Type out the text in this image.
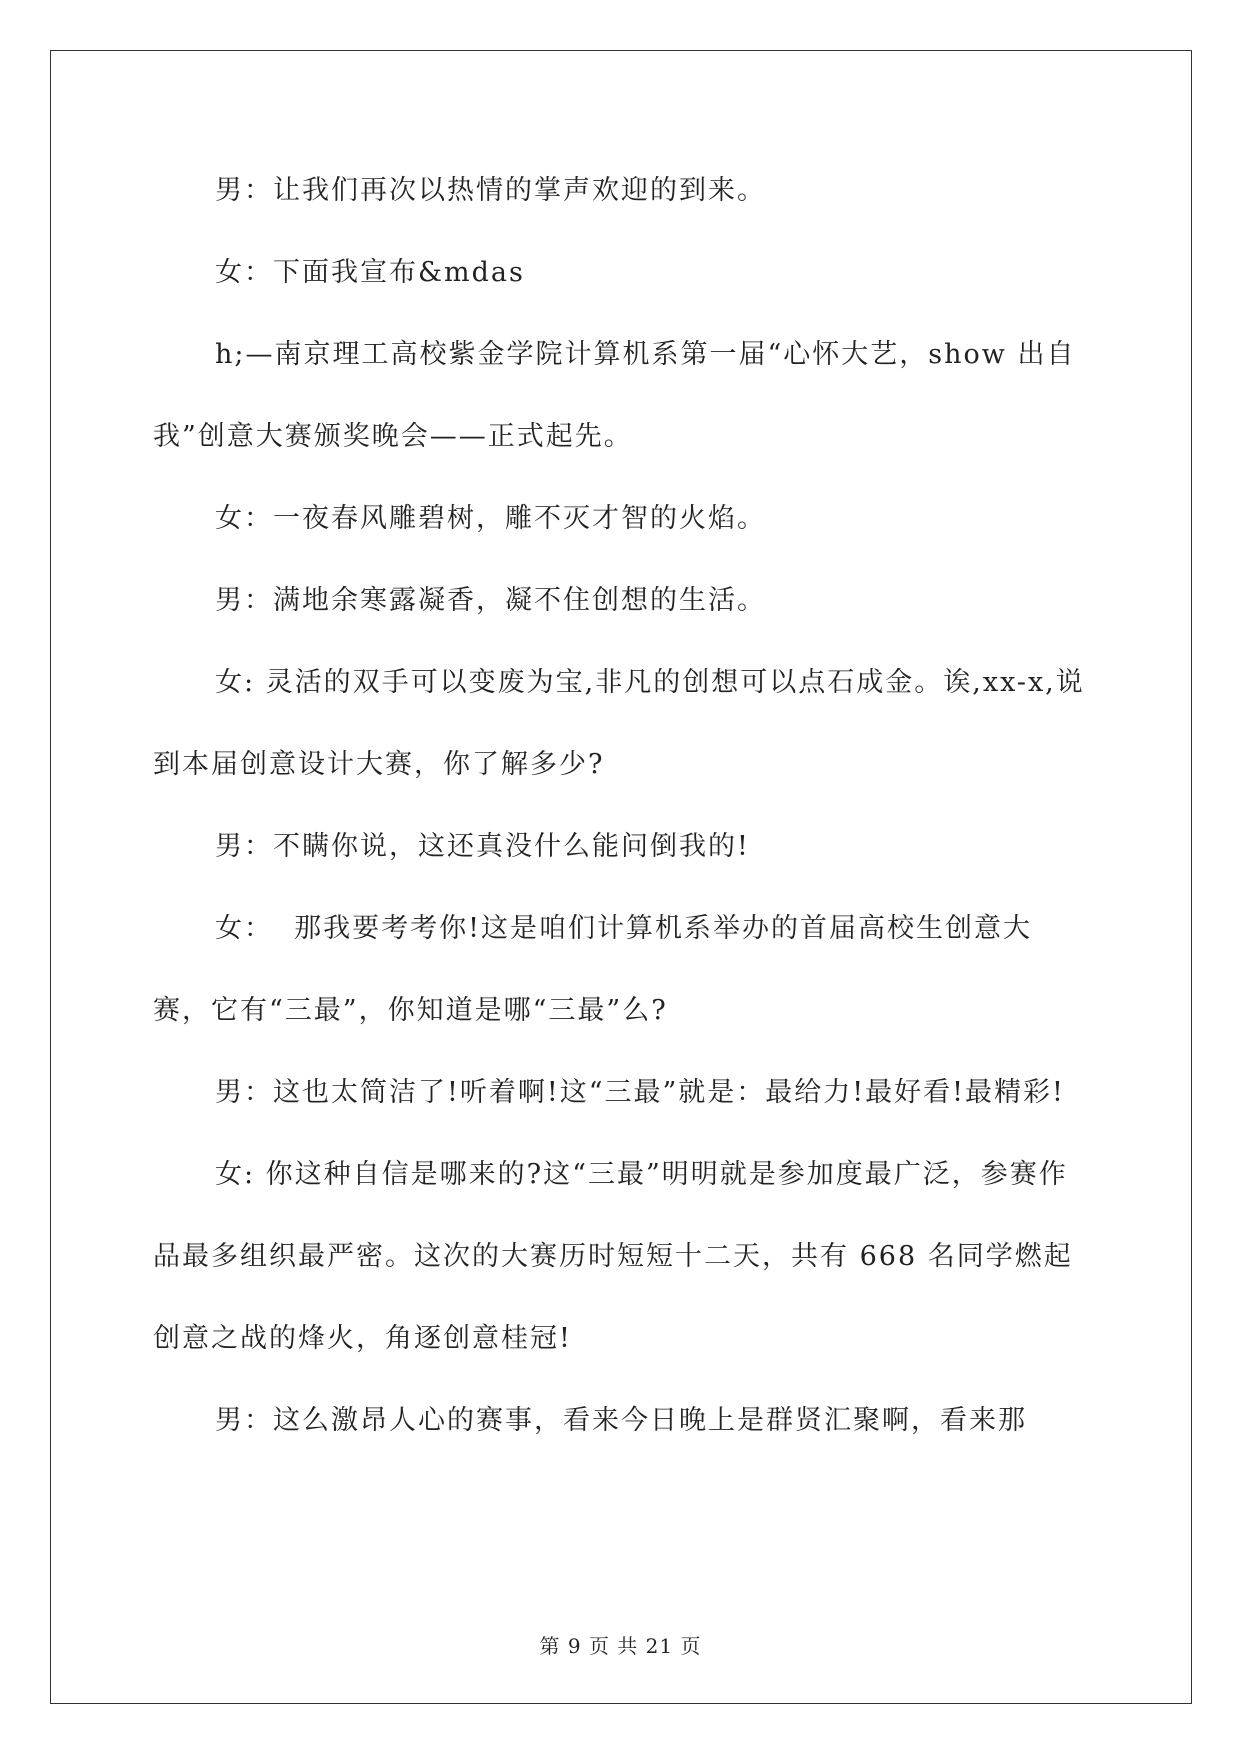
男：让我们再次以热情的掌声欢迎的到来。

女：下面我宣布&mdas

h;—南京理工高校紫金学院计算机系第一届“心怀大艺，show 出自我”创意大赛颁奖晚会——正式起先。

女：一夜春风雕碧树，雕不灭才智的火焰。

男：满地余寒露凝香，凝不住创想的生活。

女: 灵活的双手可以变废为宝,非凡的创想可以点石成金。诶,xx-x,说到本届创意设计大赛，你了解多少?

男：不瞒你说，这还真没什么能问倒我的!

女：  那我要考考你!这是咱们计算机系举办的首届高校生创意大赛，它有“三最”，你知道是哪“三最”么?

男：这也太简洁了!听着啊!这“三最”就是：最给力!最好看!最精彩!

女: 你这种自信是哪来的?这“三最”明明就是参加度最广泛，参赛作品最多组织最严密。这次的大赛历时短短十二天，共有 668 名同学燃起创意之战的烽火，角逐创意桂冠!

男：这么激昂人心的赛事，看来今日晚上是群贤汇聚啊，看来那

第 9 页 共 21 页
